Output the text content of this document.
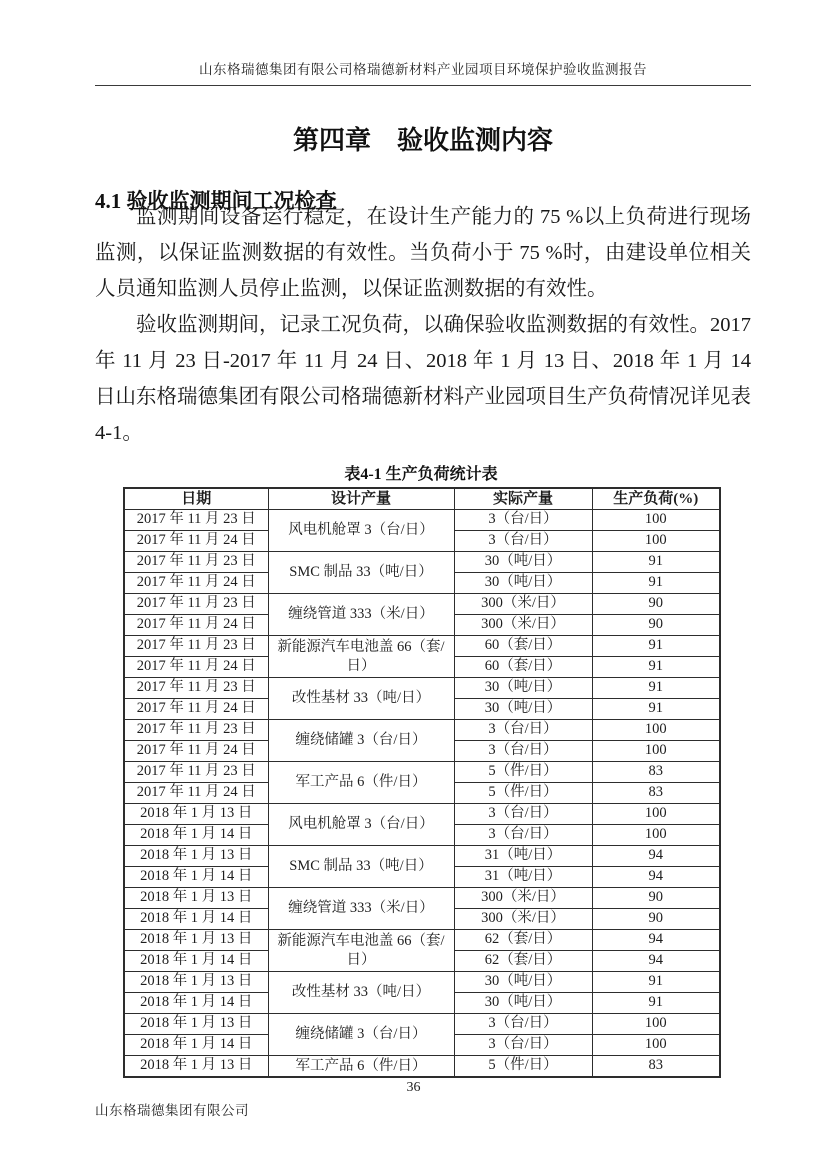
山东格瑞德集团有限公司格瑞德新材料产业园项目环境保护验收监测报告
第四章　验收监测内容
4.1 验收监测期间工况检查

监测期间设备运行稳定，在设计生产能力的 75 %以上负荷进行现场监测，以保证监测数据的有效性。当负荷小于 75 %时，由建设单位相关人员通知监测人员停止监测，以保证监测数据的有效性。

验收监测期间，记录工况负荷，以确保验收监测数据的有效性。2017 年 11 月 23 日-2017 年 11 月 24 日、2018 年 1 月 13 日、2018 年 1 月 14 日山东格瑞德集团有限公司格瑞德新材料产业园项目生产负荷情况详见表 4-1。

表4-1 生产负荷统计表
日期	设计产量	实际产量	生产负荷(%)
2017 年 11 月 23 日	风电机舱罩 3（台/日）	3（台/日）	100
2017 年 11 月 24 日		3（台/日）	100
2017 年 11 月 23 日	SMC 制品 33（吨/日）	30（吨/日）	91
2017 年 11 月 24 日		30（吨/日）	91
2017 年 11 月 23 日	缠绕管道 333（米/日）	300（米/日）	90
2017 年 11 月 24 日		300（米/日）	90
2017 年 11 月 23 日	新能源汽车电池盖 66（套/日）	60（套/日）	91
2017 年 11 月 24 日		60（套/日）	91
2017 年 11 月 23 日	改性基材 33（吨/日）	30（吨/日）	91
2017 年 11 月 24 日		30（吨/日）	91
2017 年 11 月 23 日	缠绕储罐 3（台/日）	3（台/日）	100
2017 年 11 月 24 日		3（台/日）	100
2017 年 11 月 23 日	军工产品 6（件/日）	5（件/日）	83
2017 年 11 月 24 日		5（件/日）	83
2018 年 1 月 13 日	风电机舱罩 3（台/日）	3（台/日）	100
2018 年 1 月 14 日		3（台/日）	100
2018 年 1 月 13 日	SMC 制品 33（吨/日）	31（吨/日）	94
2018 年 1 月 14 日		31（吨/日）	94
2018 年 1 月 13 日	缠绕管道 333（米/日）	300（米/日）	90
2018 年 1 月 14 日		300（米/日）	90
2018 年 1 月 13 日	新能源汽车电池盖 66（套/日）	62（套/日）	94
2018 年 1 月 14 日		62（套/日）	94
2018 年 1 月 13 日	改性基材 33（吨/日）	30（吨/日）	91
2018 年 1 月 14 日		30（吨/日）	91
2018 年 1 月 13 日	缠绕储罐 3（台/日）	3（台/日）	100
2018 年 1 月 14 日		3（台/日）	100
2018 年 1 月 13 日	军工产品 6（件/日）	5（件/日）	83
36
山东格瑞德集团有限公司
